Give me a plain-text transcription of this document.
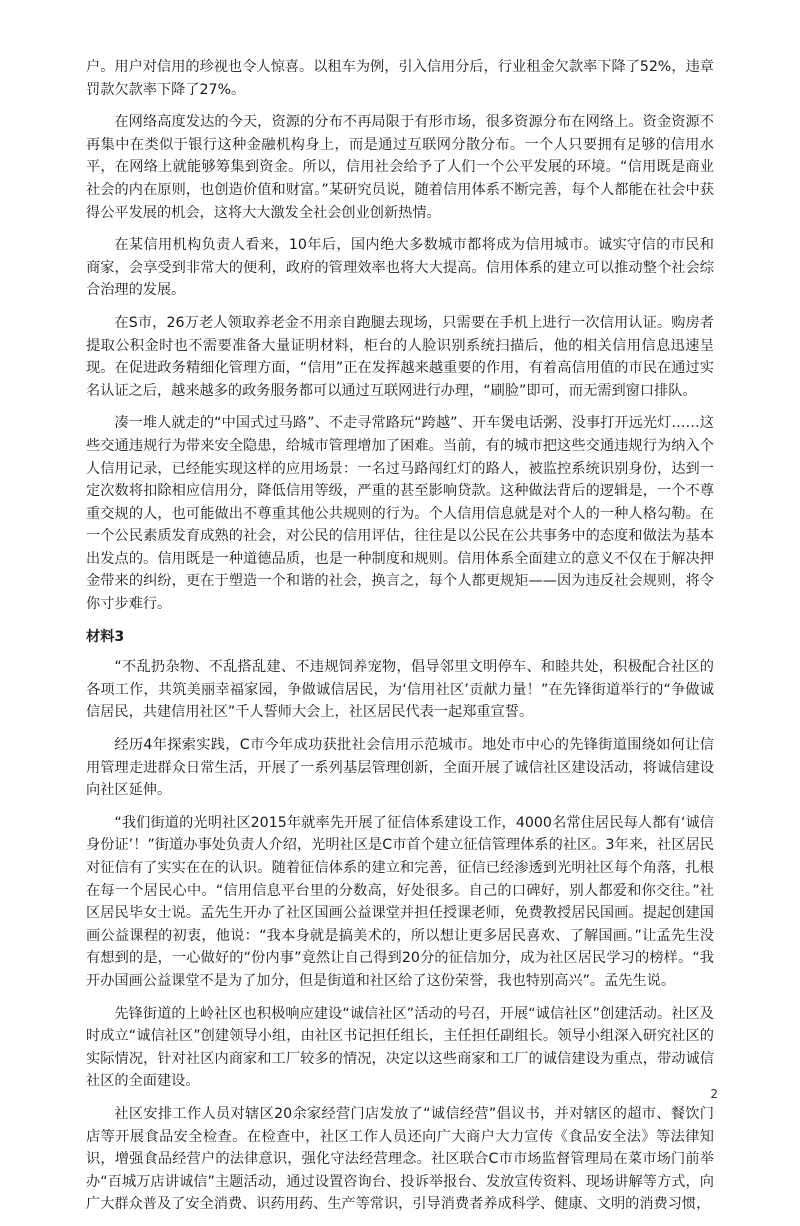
户。用户对信用的珍视也令人惊喜。以租车为例，引入信用分后，行业租金欠款率下降了52%，违章罚款欠款率下降了27%。

在网络高度发达的今天，资源的分布不再局限于有形市场，很多资源分布在网络上。资金资源不再集中在类似于银行这种金融机构身上，而是通过互联网分散分布。一个人只要拥有足够的信用水平，在网络上就能够筹集到资金。所以，信用社会给予了人们一个公平发展的环境。“信用既是商业社会的内在原则，也创造价值和财富。”某研究员说，随着信用体系不断完善，每个人都能在社会中获得公平发展的机会，这将大大激发全社会创业创新热情。

在某信用机构负责人看来，10年后，国内绝大多数城市都将成为信用城市。诚实守信的市民和商家，会享受到非常大的便利，政府的管理效率也将大大提高。信用体系的建立可以推动整个社会综合治理的发展。

在S市，26万老人领取养老金不用亲自跑腿去现场，只需要在手机上进行一次信用认证。购房者提取公积金时也不需要准备大量证明材料，柜台的人脸识别系统扫描后，他的相关信用信息迅速呈现。在促进政务精细化管理方面，“信用”正在发挥越来越重要的作用，有着高信用值的市民在通过实名认证之后，越来越多的政务服务都可以通过互联网进行办理，“刷脸”即可，而无需到窗口排队。

凑一堆人就走的“中国式过马路”、不走寻常路玩“跨越”、开车煲电话粥、没事打开远光灯……这些交通违规行为带来安全隐患，给城市管理增加了困难。当前，有的城市把这些交通违规行为纳入个人信用记录，已经能实现这样的应用场景：一名过马路闯红灯的路人，被监控系统识别身份，达到一定次数将扣除相应信用分，降低信用等级，严重的甚至影响贷款。这种做法背后的逻辑是，一个不尊重交规的人，也可能做出不尊重其他公共规则的行为。个人信用信息就是对个人的一种人格勾勒。在一个公民素质发育成熟的社会，对公民的信用评估，往往是以公民在公共事务中的态度和做法为基本出发点的。信用既是一种道德品质，也是一种制度和规则。信用体系全面建立的意义不仅在于解决押金带来的纠纷，更在于塑造一个和谐的社会，换言之，每个人都更规矩——因为违反社会规则，将令你寸步难行。

材料3

“不乱扔杂物、不乱搭乱建、不违规饲养宠物，倡导邻里文明停车、和睦共处，积极配合社区的各项工作，共筑美丽幸福家园，争做诚信居民，为‘信用社区’贡献力量！”在先锋街道举行的“争做诚信居民，共建信用社区”千人誓师大会上，社区居民代表一起郑重宣誓。

经历4年探索实践，C市今年成功获批社会信用示范城市。地处市中心的先锋街道围绕如何让信用管理走进群众日常生活，开展了一系列基层管理创新，全面开展了诚信社区建设活动，将诚信建设向社区延伸。

“我们街道的光明社区2015年就率先开展了征信体系建设工作，4000名常住居民每人都有‘诚信身份证’！”街道办事处负责人介绍，光明社区是C市首个建立征信管理体系的社区。3年来，社区居民对征信有了实实在在的认识。随着征信体系的建立和完善，征信已经渗透到光明社区每个角落，扎根在每一个居民心中。“信用信息平台里的分数高，好处很多。自己的口碑好，别人都爱和你交往。”社区居民毕女士说。孟先生开办了社区国画公益课堂并担任授课老师，免费教授居民国画。提起创建国画公益课程的初衷，他说：“我本身就是搞美术的，所以想让更多居民喜欢、了解国画。”让孟先生没有想到的是，一心做好的“份内事”竟然让自己得到20分的征信加分，成为社区居民学习的榜样。“我开办国画公益课堂不是为了加分，但是街道和社区给了这份荣誉，我也特别高兴”。孟先生说。

先锋街道的上岭社区也积极响应建设“诚信社区”活动的号召，开展“诚信社区”创建活动。社区及时成立“诚信社区”创建领导小组，由社区书记担任组长，主任担任副组长。领导小组深入研究社区的实际情况，针对社区内商家和工厂较多的情况，决定以这些商家和工厂的诚信建设为重点，带动诚信社区的全面建设。

社区安排工作人员对辖区20余家经营门店发放了“诚信经营”倡议书，并对辖区的超市、餐饮门店等开展食品安全检查。在检查中，社区工作人员还向广大商户大力宣传《食品安全法》等法律知识，增强食品经营户的法律意识，强化守法经营理念。社区联合C市市场监督管理局在菜市场门前举办“百城万店讲诚信”主题活动，通过设置咨询台、投诉举报台、发放宣传资料、现场讲解等方式，向广大群众普及了安全消费、识药用药、生产等常识，引导消费者养成科学、健康、文明的消费习惯，

2
